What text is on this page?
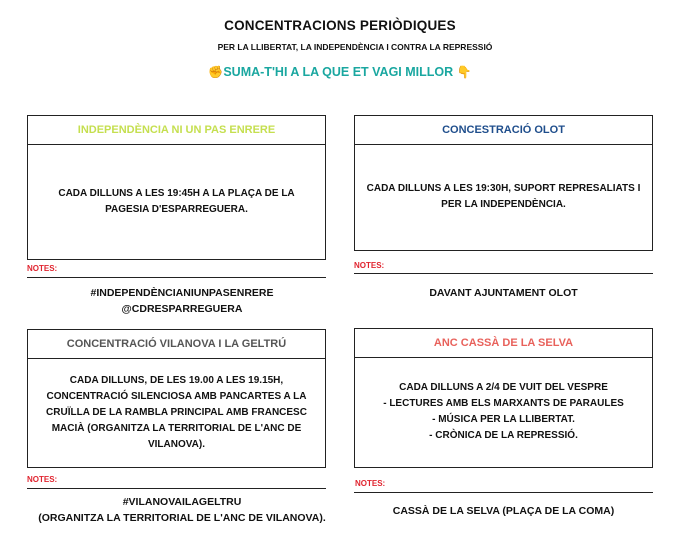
CONCENTRACIONS PERIÒDIQUES
PER LA LLIBERTAT, LA INDEPENDÈNCIA I CONTRA LA REPRESSIÓ
✊SUMA-T'HI A LA QUE ET VAGI MILLOR 👇
INDEPENDÈNCIA NI UN PAS ENRERE
CADA DILLUNS A LES 19:45H A LA PLAÇA DE LA PAGESIA D'ESPARREGUERA.
NOTES:
#INDEPENDÈNCIANIUNPASENRERE
@CDRESPARREGUERA
CONCESTRACIÓ OLOT
CADA DILLUNS A LES 19:30H, SUPORT REPRESALIATS I PER LA INDEPENDÈNCIA.
NOTES:
DAVANT AJUNTAMENT OLOT
CONCENTRACIÓ VILANOVA I LA GELTRÚ
CADA DILLUNS, DE LES 19.00 A LES 19.15H, CONCENTRACIÓ SILENCIOSA AMB PANCARTES A LA CRUÏLLA DE LA RAMBLA PRINCIPAL AMB FRANCESC MACIÀ (ORGANITZA LA TERRITORIAL DE L'ANC DE VILANOVA).
NOTES:
#VILANOVAILAGELTRU
(ORGANITZA LA TERRITORIAL DE L'ANC DE VILANOVA).
ANC CASSÀ DE LA SELVA
CADA DILLUNS A 2/4 DE VUIT DEL VESPRE
- LECTURES AMB ELS MARXANTS DE PARAULES
- MÚSICA PER LA LLIBERTAT.
- CRÒNICA DE LA REPRESSIÓ.
NOTES:
CASSÀ DE LA SELVA (PLAÇA DE LA COMA)
